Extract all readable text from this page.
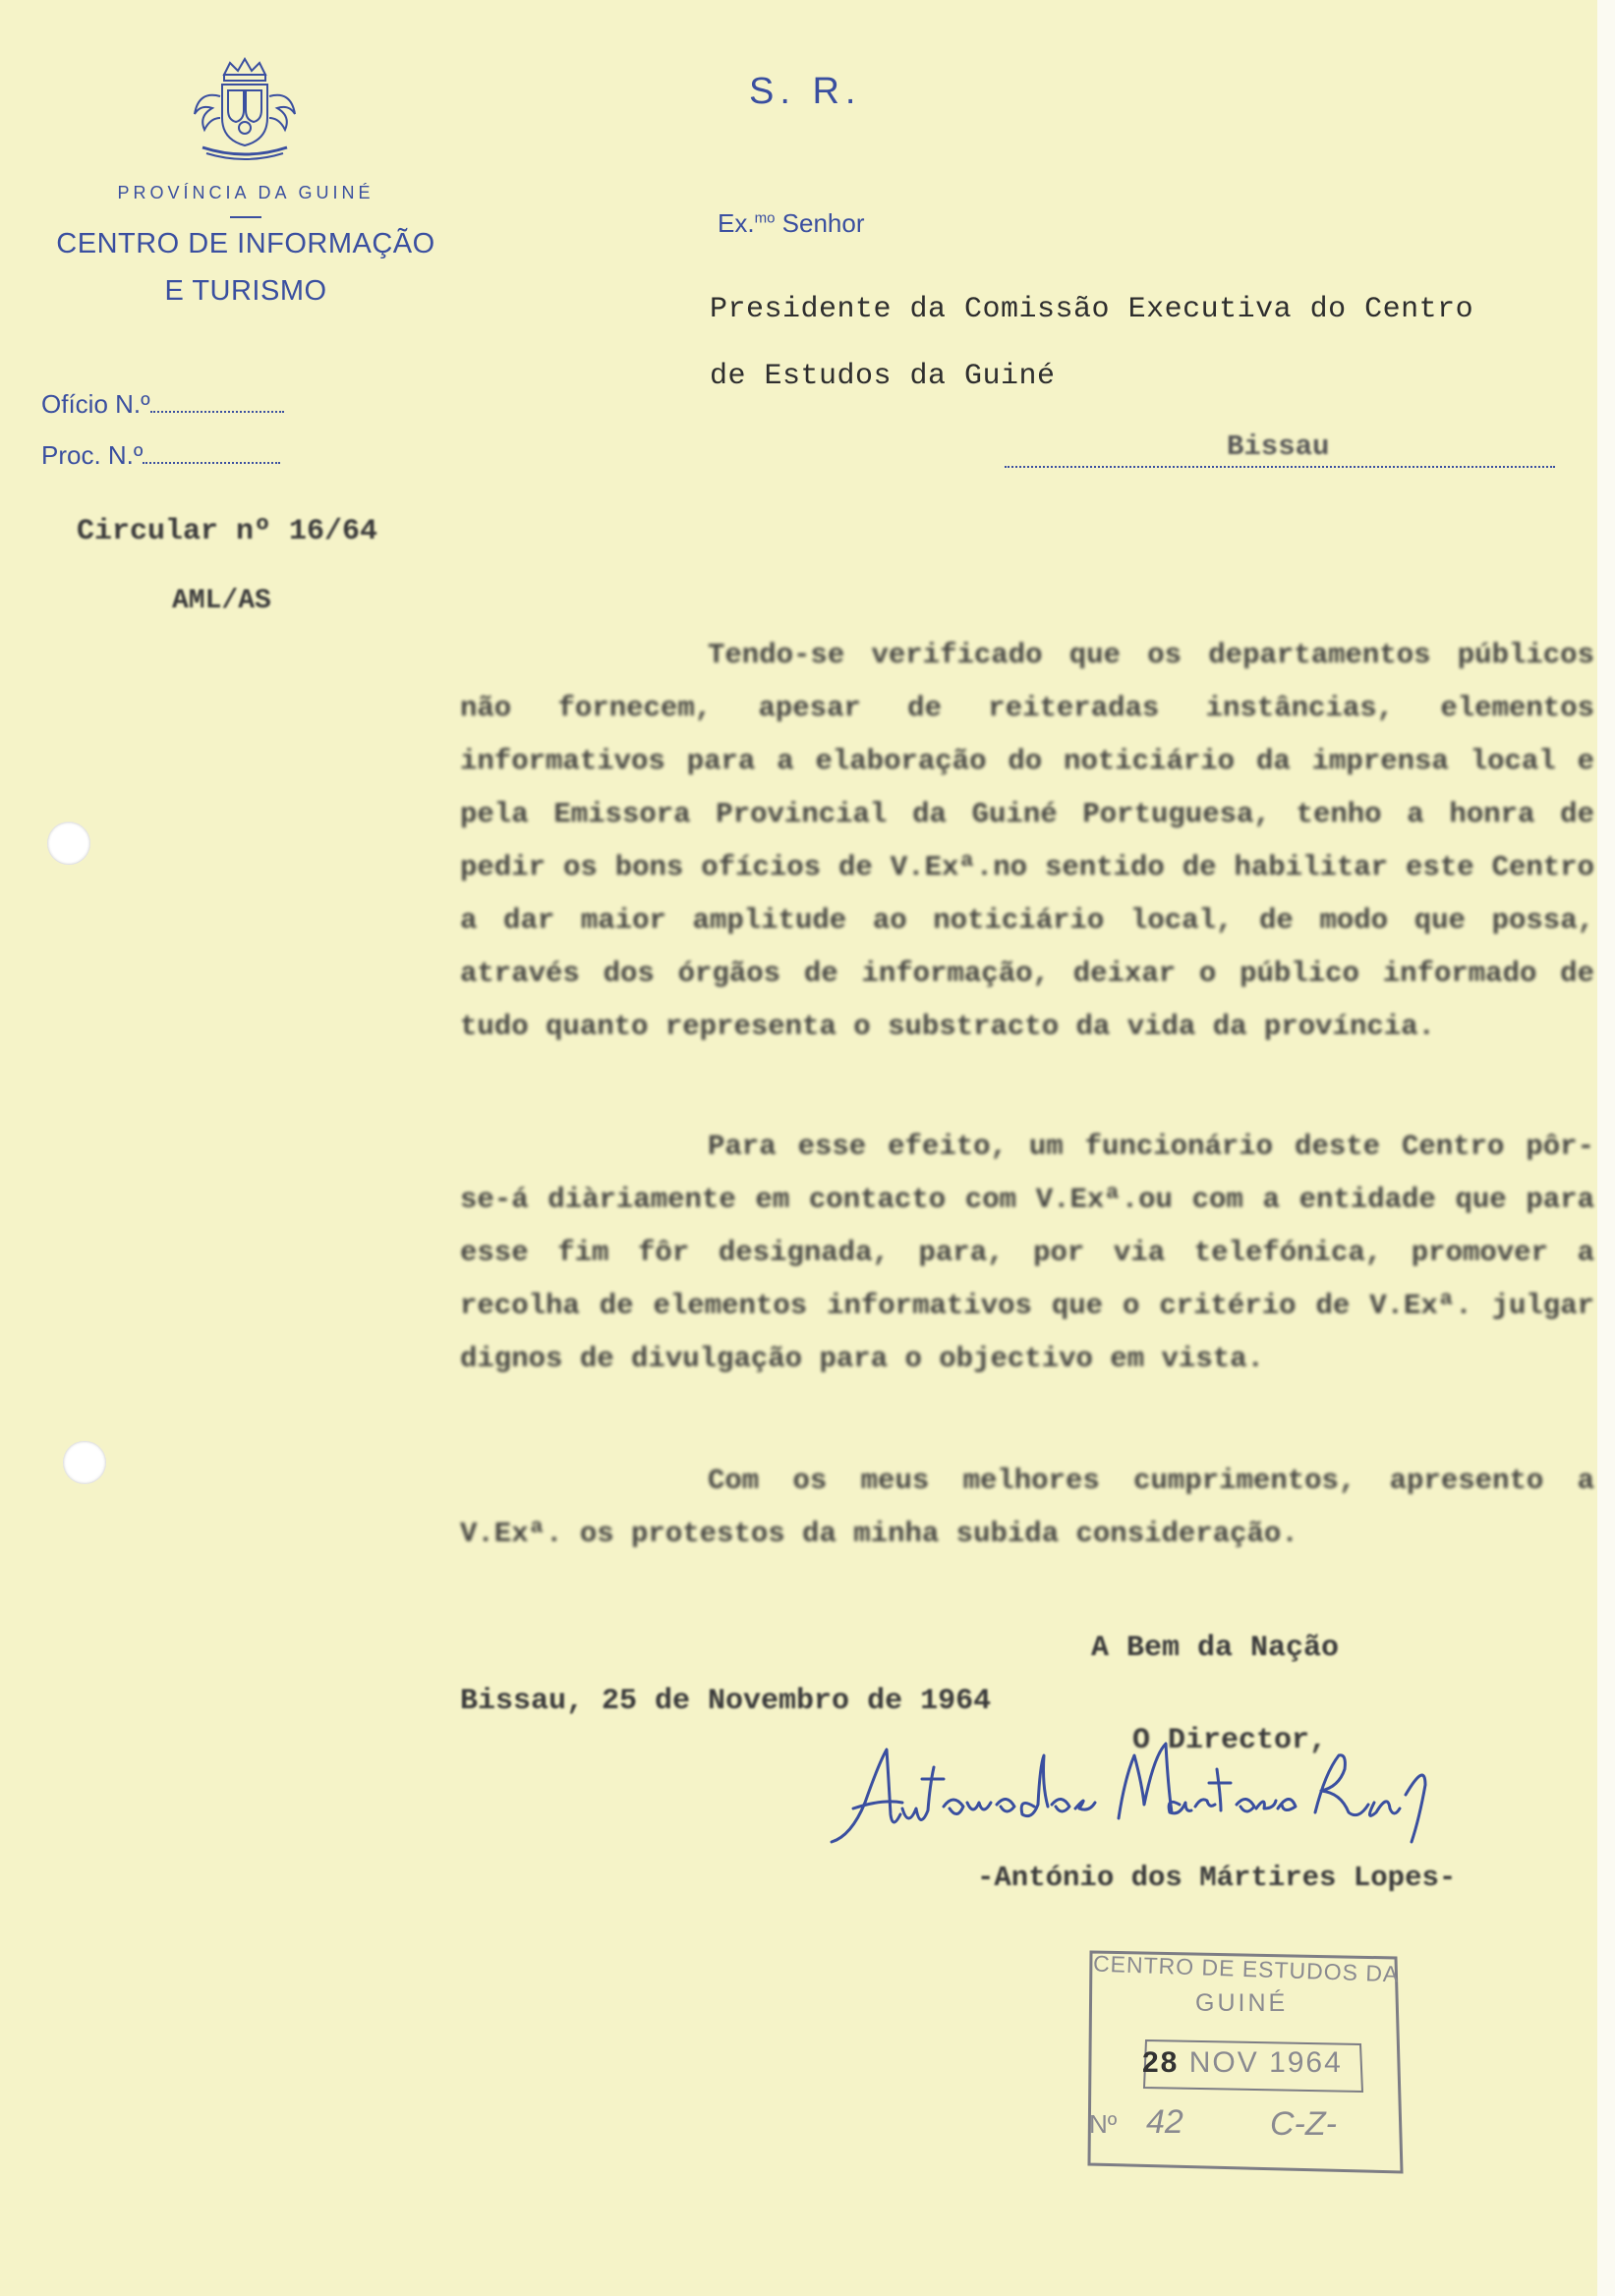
PROVÍNCIA DA GUINÉ
CENTRO DE INFORMAÇÃO
E TURISMO
Ofício N.º
Proc. N.º
S. R.
Ex.$^{mo}$ Senhor
Presidente da Comissão Executiva do Centro
de Estudos da Guiné
Bissau
Circular nº 16/64
AML/AS
Tendo-se verificado que os departamentos públicos não fornecem, apesar de reiteradas instâncias, elementos informativos para a elaboração do noticiário da imprensa local e pela Emissora Provincial da Guiné Portuguesa, tenho a honra de pedir os bons ofícios de V.Exª.no sentido de habilitar este Centro a dar maior amplitude ao noticiário local, de modo que possa, através dos órgãos de informação, deixar o público informado de tudo quanto representa o substracto da vida da província.
Para esse efeito, um funcionário deste Centro pôr-se-á diàriamente em contacto com V.Exª.ou com a entidade que para esse fim fôr designada, para, por via telefónica, promover a recolha de elementos informativos que o critério de V.Exª. julgar dignos de divulgação para o objectivo em vista.
Com os meus melhores cumprimentos, apresento a V.Exª. os protestos da minha subida consideração.
A Bem da Nação
Bissau, 25 de Novembro de 1964
O Director,
-António dos Mártires Lopes-
CENTRO DE ESTUDOS DA
GUINÉ
28 NOV 1964
Nº 42	C-Z-
